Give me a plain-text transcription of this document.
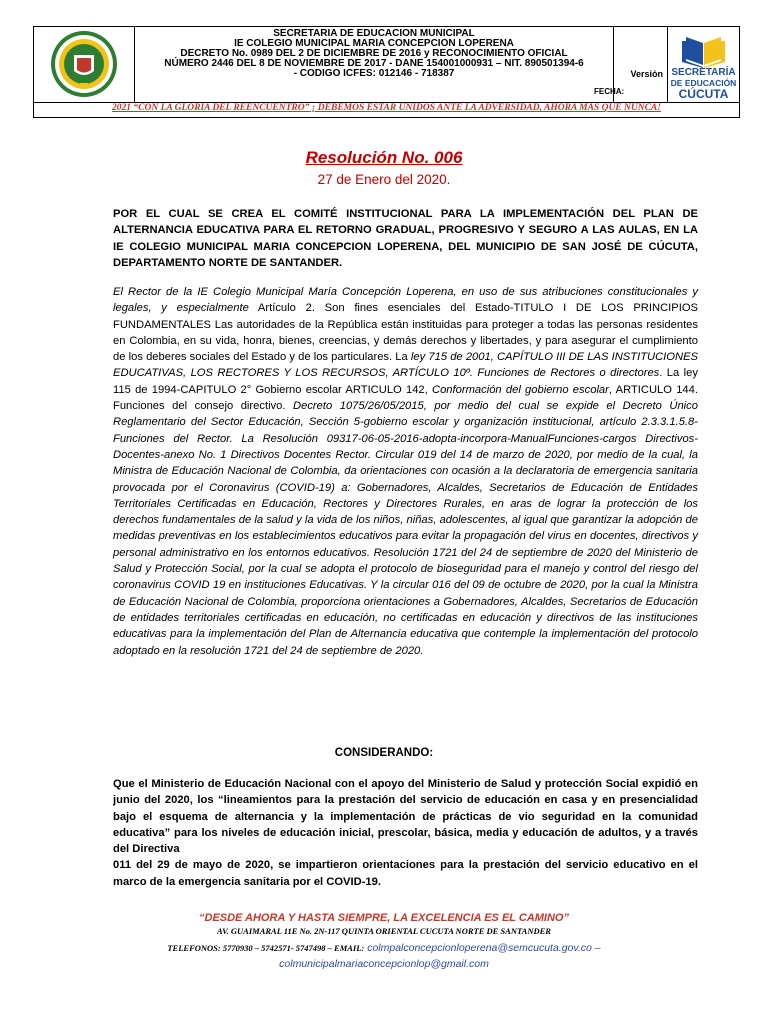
SECRETARIA DE EDUCACION MUNICIPAL
IE COLEGIO MUNICIPAL MARIA CONCEPCION LOPERENA
DECRETO No. 0989 DEL 2 DE DICIEMBRE DE 2016 y RECONOCIMIENTO OFICIAL
NÚMERO 2446 DEL 8 DE NOVIEMBRE DE 2017 - DANE 154001000931 – NIT. 890501394-6
- CODIGO ICFES: 012146 - 718387	Versión SECRETARÍA
DE EDUCACIÓN
CÚCUTA
2021 “CON LA GLORIA DEL REENCUENTRO” ¡ DEBEMOS ESTAR UNIDOS ANTE LA ADVERSIDAD, AHORA MAS QUE NUNCA!
FECHA:
Resolución No. 006
27 de Enero del 2020.
POR EL CUAL SE CREA EL COMITÉ INSTITUCIONAL PARA LA IMPLEMENTACIÓN DEL PLAN DE ALTERNANCIA EDUCATIVA PARA EL RETORNO GRADUAL, PROGRESIVO Y SEGURO A LAS AULAS, EN LA IE COLEGIO MUNICIPAL MARIA CONCEPCION LOPERENA, DEL MUNICIPIO DE SAN JOSÉ DE CÚCUTA, DEPARTAMENTO NORTE DE SANTANDER.
El Rector de la IE Colegio Municipal María Concepción Loperena, en uso de sus atribuciones constitucionales y legales, y especialmente Artículo 2. Son fines esenciales del Estado-TITULO I DE LOS PRINCIPIOS FUNDAMENTALES Las autoridades de la República están instituidas para proteger a todas las personas residentes en Colombia, en su vida, honra, bienes, creencias, y demás derechos y libertades, y para asegurar el cumplimiento de los deberes sociales del Estado y de los particulares. La ley 715 de 2001, CAPÍTULO III DE LAS INSTITUCIONES EDUCATIVAS, LOS RECTORES Y LOS RECURSOS, ARTÍCULO 10º. Funciones de Rectores o directores. La ley 115 de 1994-CAPITULO 2° Gobierno escolar ARTICULO 142, Conformación del gobierno escolar, ARTICULO 144. Funciones del consejo directivo. Decreto 1075/26/05/2015, por medio del cual se expide el Decreto Único Reglamentario del Sector Educación, Sección 5-gobierno escolar y organización institucional, artículo 2.3.3.1.5.8- Funciones del Rector. La Resolución 09317-06-05-2016-adopta-incorpora-ManualFunciones-cargos Directivos-Docentes-anexo No. 1 Directivos Docentes Rector. Circular 019 del 14 de marzo de 2020, por medio de la cual, la Ministra de Educación Nacional de Colombia, da orientaciones con ocasión a la declaratoria de emergencia sanitaria provocada por el Coronavirus (COVID-19) a: Gobernadores, Alcaldes, Secretarios de Educación de Entidades Territoriales Certificadas en Educación, Rectores y Directores Rurales, en aras de lograr la protección de los derechos fundamentales de la salud y la vida de los niños, niñas, adolescentes, al igual que garantizar la adopción de medidas preventivas en los establecimientos educativos para evitar la propagación del virus en docentes, directivos y personal administrativo en los entornos educativos. Resolución 1721 del 24 de septiembre de 2020 del Ministerio de Salud y Protección Social, por la cual se adopta el protocolo de bioseguridad para el manejo y control del riesgo del coronavirus COVID 19 en instituciones Educativas. Y la circular 016 del 09 de octubre de 2020, por la cual la Ministra de Educación Nacional de Colombia, proporciona orientaciones a Gobernadores, Alcaldes, Secretarios de Educación de entidades territoriales certificadas en educación, no certificadas en educación y directivos de las instituciones educativas para la implementación del Plan de Alternancia educativa que contemple la implementación del protocolo adoptado en la resolución 1721 del 24 de septiembre de 2020.
CONSIDERANDO:
Que el Ministerio de Educación Nacional con el apoyo del Ministerio de Salud y protección Social expidió en junio del 2020, los “lineamientos para la prestación del servicio de educación en casa y en presencialidad bajo el esquema de alternancia y la implementación de prácticas de vio seguridad en la comunidad educativa” para los niveles de educación inicial, prescolar, básica, media y educación de adultos, y a través del Directiva
011 del 29 de mayo de 2020, se impartieron orientaciones para la prestación del servicio educativo en el marco de la emergencia sanitaria por el COVID-19.
“DESDE AHORA Y HASTA SIEMPRE, LA EXCELENCIA ES EL CAMINO”
AV. GUAIMARAL 11E No. 2N-117 QUINTA ORIENTAL CUCUTA NORTE DE SANTANDER
TELEFONOS: 5770930 – 5742571- 5747498 – EMAIL: colmpalconcepcionloperena@semcucuta.gov.co –
colmunicipalmariaconcepcionlop@gmail.com
